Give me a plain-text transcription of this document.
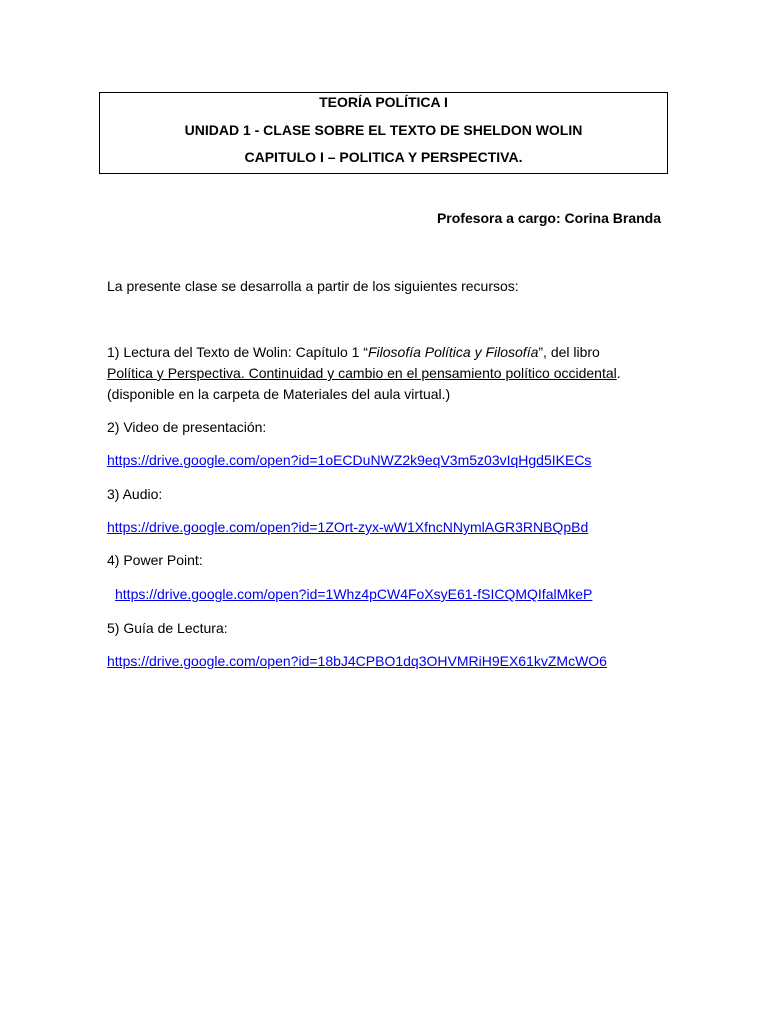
TEORÍA POLÍTICA I
UNIDAD 1 - CLASE SOBRE EL TEXTO DE SHELDON WOLIN
CAPITULO I – POLITICA Y PERSPECTIVA.
Profesora a cargo: Corina Branda
La presente clase se desarrolla a partir de los siguientes recursos:
1) Lectura del Texto de Wolin: Capítulo 1 “Filosofía Política y Filosofía”, del libro
Política y Perspectiva. Continuidad y cambio en el pensamiento político occidental.
(disponible en la carpeta de Materiales del aula virtual.)
2) Video de presentación:
https://drive.google.com/open?id=1oECDuNWZ2k9eqV3m5z03vIqHgd5IKECs
3) Audio:
https://drive.google.com/open?id=1ZOrt-zyx-wW1XfncNNymlAGR3RNBQpBd
4) Power Point:
https://drive.google.com/open?id=1Whz4pCW4FoXsyE61-fSICQMQIfalMkeP
5) Guía de Lectura:
https://drive.google.com/open?id=18bJ4CPBO1dq3OHVMRiH9EX61kvZMcWO6
